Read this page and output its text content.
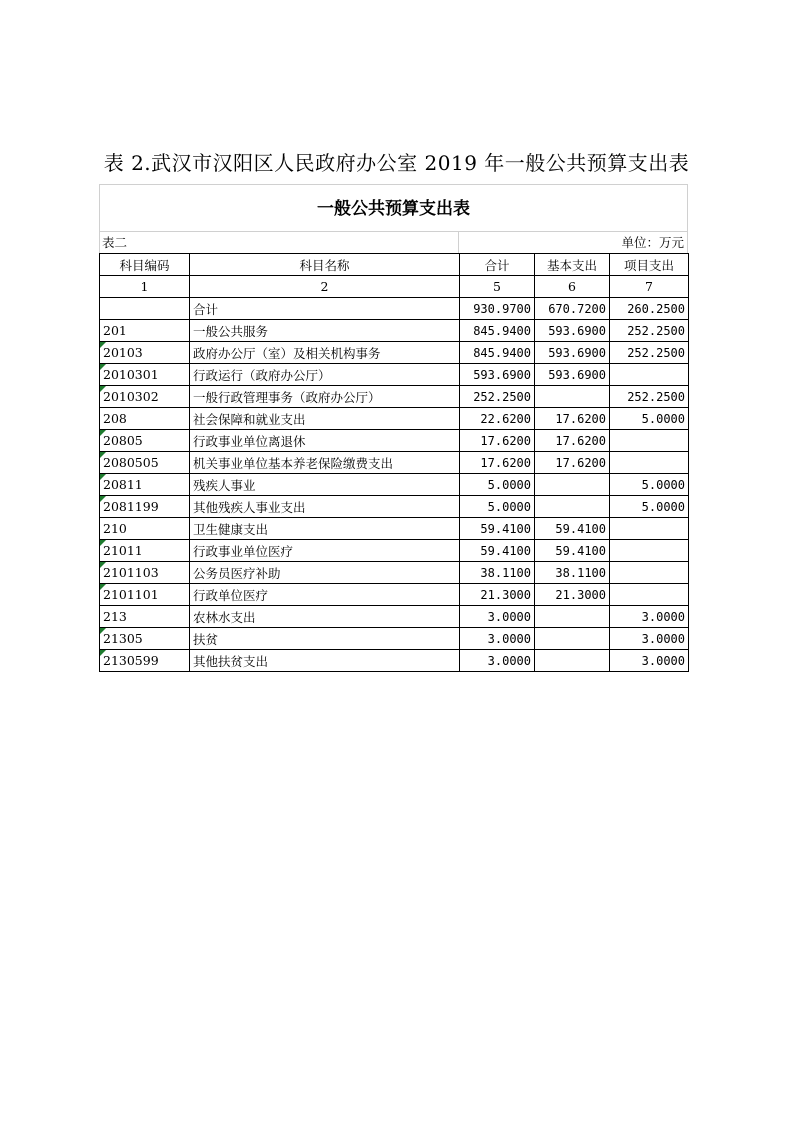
表 2.武汉市汉阳区人民政府办公室 2019 年一般公共预算支出表
一般公共预算支出表
表二	单位：万元
科目编码	科目名称	合计	基本支出	项目支出
1	2	5	6	7
	合计	930.9700	670.7200	260.2500
201	一般公共服务	845.9400	593.6900	252.2500

20103	政府办公厅（室）及相关机构事务	845.9400	593.6900	252.2500

2010301	行政运行（政府办公厅）	593.6900	593.6900	

2010302	一般行政管理事务（政府办公厅）	252.2500		252.2500
208	社会保障和就业支出	22.6200	17.6200	5.0000

20805	行政事业单位离退休	17.6200	17.6200	

2080505	机关事业单位基本养老保险缴费支出	17.6200	17.6200	

20811	残疾人事业	5.0000		5.0000

2081199	其他残疾人事业支出	5.0000		5.0000
210	卫生健康支出	59.4100	59.4100	

21011	行政事业单位医疗	59.4100	59.4100	

2101103	公务员医疗补助	38.1100	38.1100	

2101101	行政单位医疗	21.3000	21.3000	
213	农林水支出	3.0000		3.0000

21305	扶贫	3.0000		3.0000

2130599	其他扶贫支出	3.0000		3.0000
